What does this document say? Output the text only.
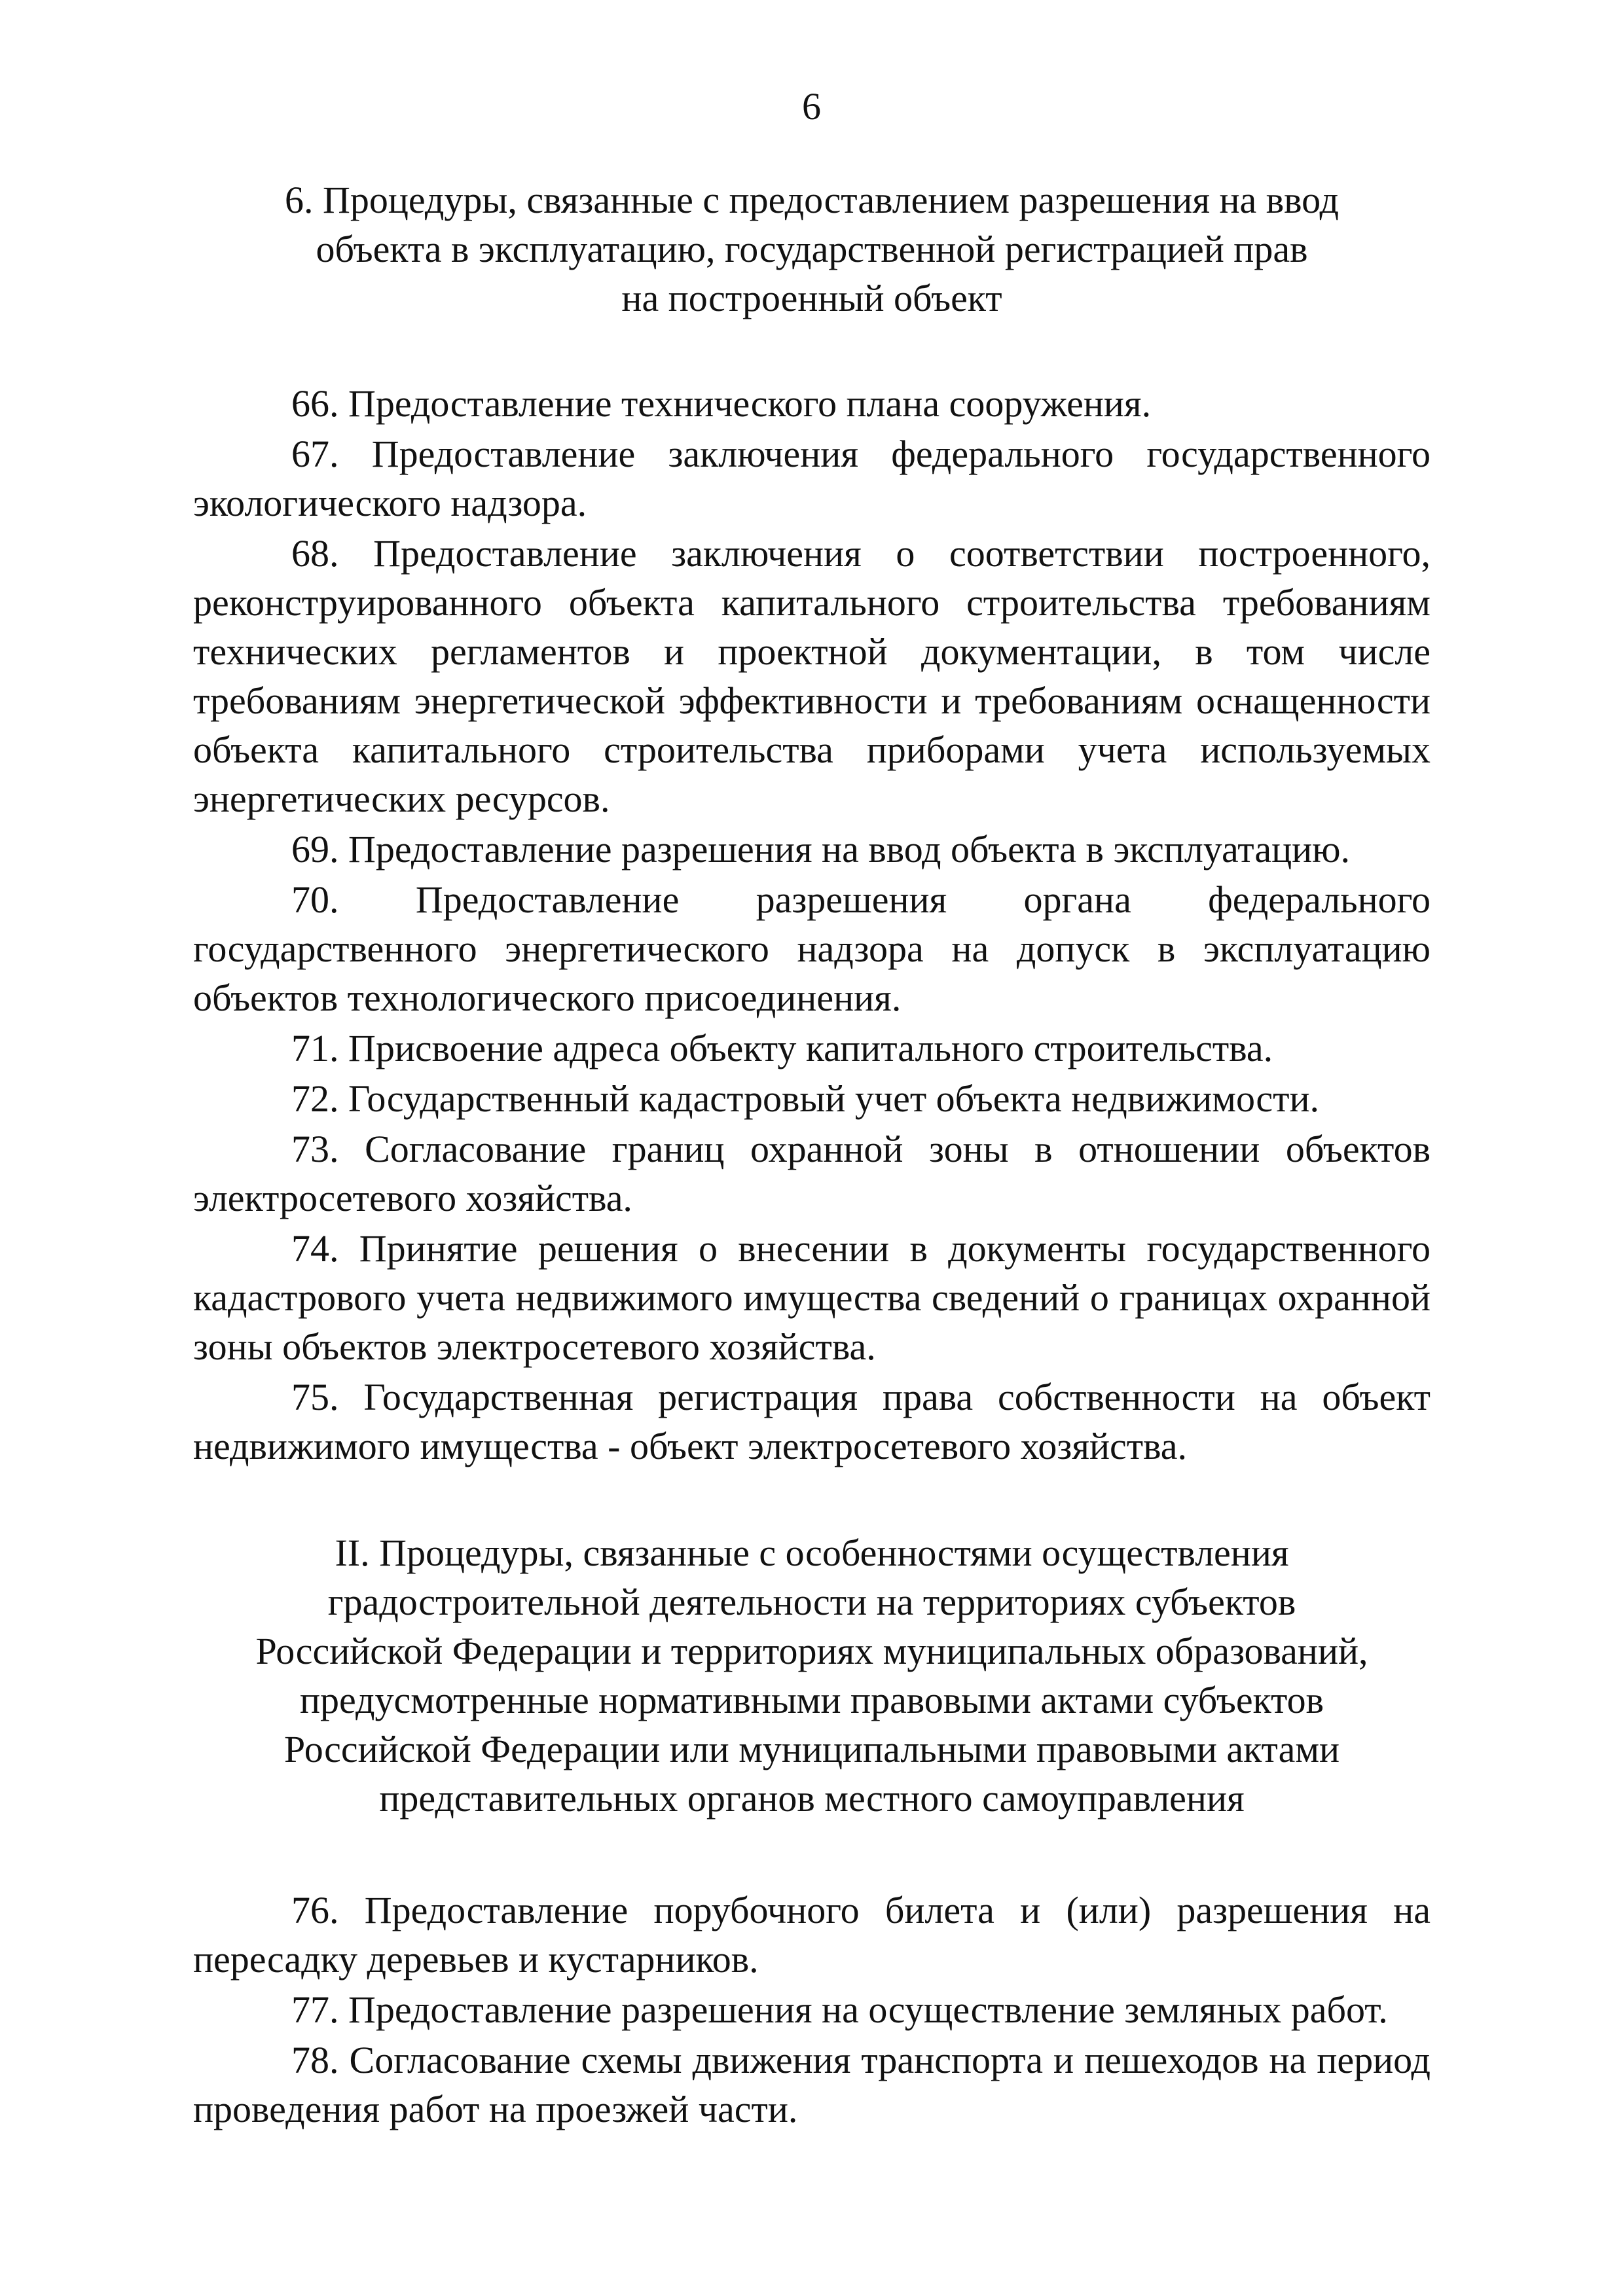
6
6. Процедуры, связанные с предоставлением разрешения на ввод
объекта в эксплуатацию, государственной регистрацией прав
на построенный объект

66. Предоставление технического плана сооружения.

67. Предоставление заключения федерального государственного экологического надзора.

68. Предоставление заключения о соответствии построенного, реконструированного объекта капитального строительства требованиям технических регламентов и проектной документации, в том числе требованиям энергетической эффективности и требованиям оснащенности объекта капитального строительства приборами учета используемых энергетических ресурсов.

69. Предоставление разрешения на ввод объекта в эксплуатацию.

70. Предоставление разрешения органа федерального государственного энергетического надзора на допуск в эксплуатацию объектов технологического присоединения.

71. Присвоение адреса объекту капитального строительства.

72. Государственный кадастровый учет объекта недвижимости.

73. Согласование границ охранной зоны в отношении объектов электросетевого хозяйства.

74. Принятие решения о внесении в документы государственного кадастрового учета недвижимого имущества сведений о границах охранной зоны объектов электросетевого хозяйства.

75. Государственная регистрация права собственности на объект недвижимого имущества - объект электросетевого хозяйства.

II. Процедуры, связанные с особенностями осуществления
градостроительной деятельности на территориях субъектов
Российской Федерации и территориях муниципальных образований,
предусмотренные нормативными правовыми актами субъектов
Российской Федерации или муниципальными правовыми актами
представительных органов местного самоуправления

76. Предоставление порубочного билета и (или) разрешения на пересадку деревьев и кустарников.

77. Предоставление разрешения на осуществление земляных работ.

78. Согласование схемы движения транспорта и пешеходов на период проведения работ на проезжей части.
